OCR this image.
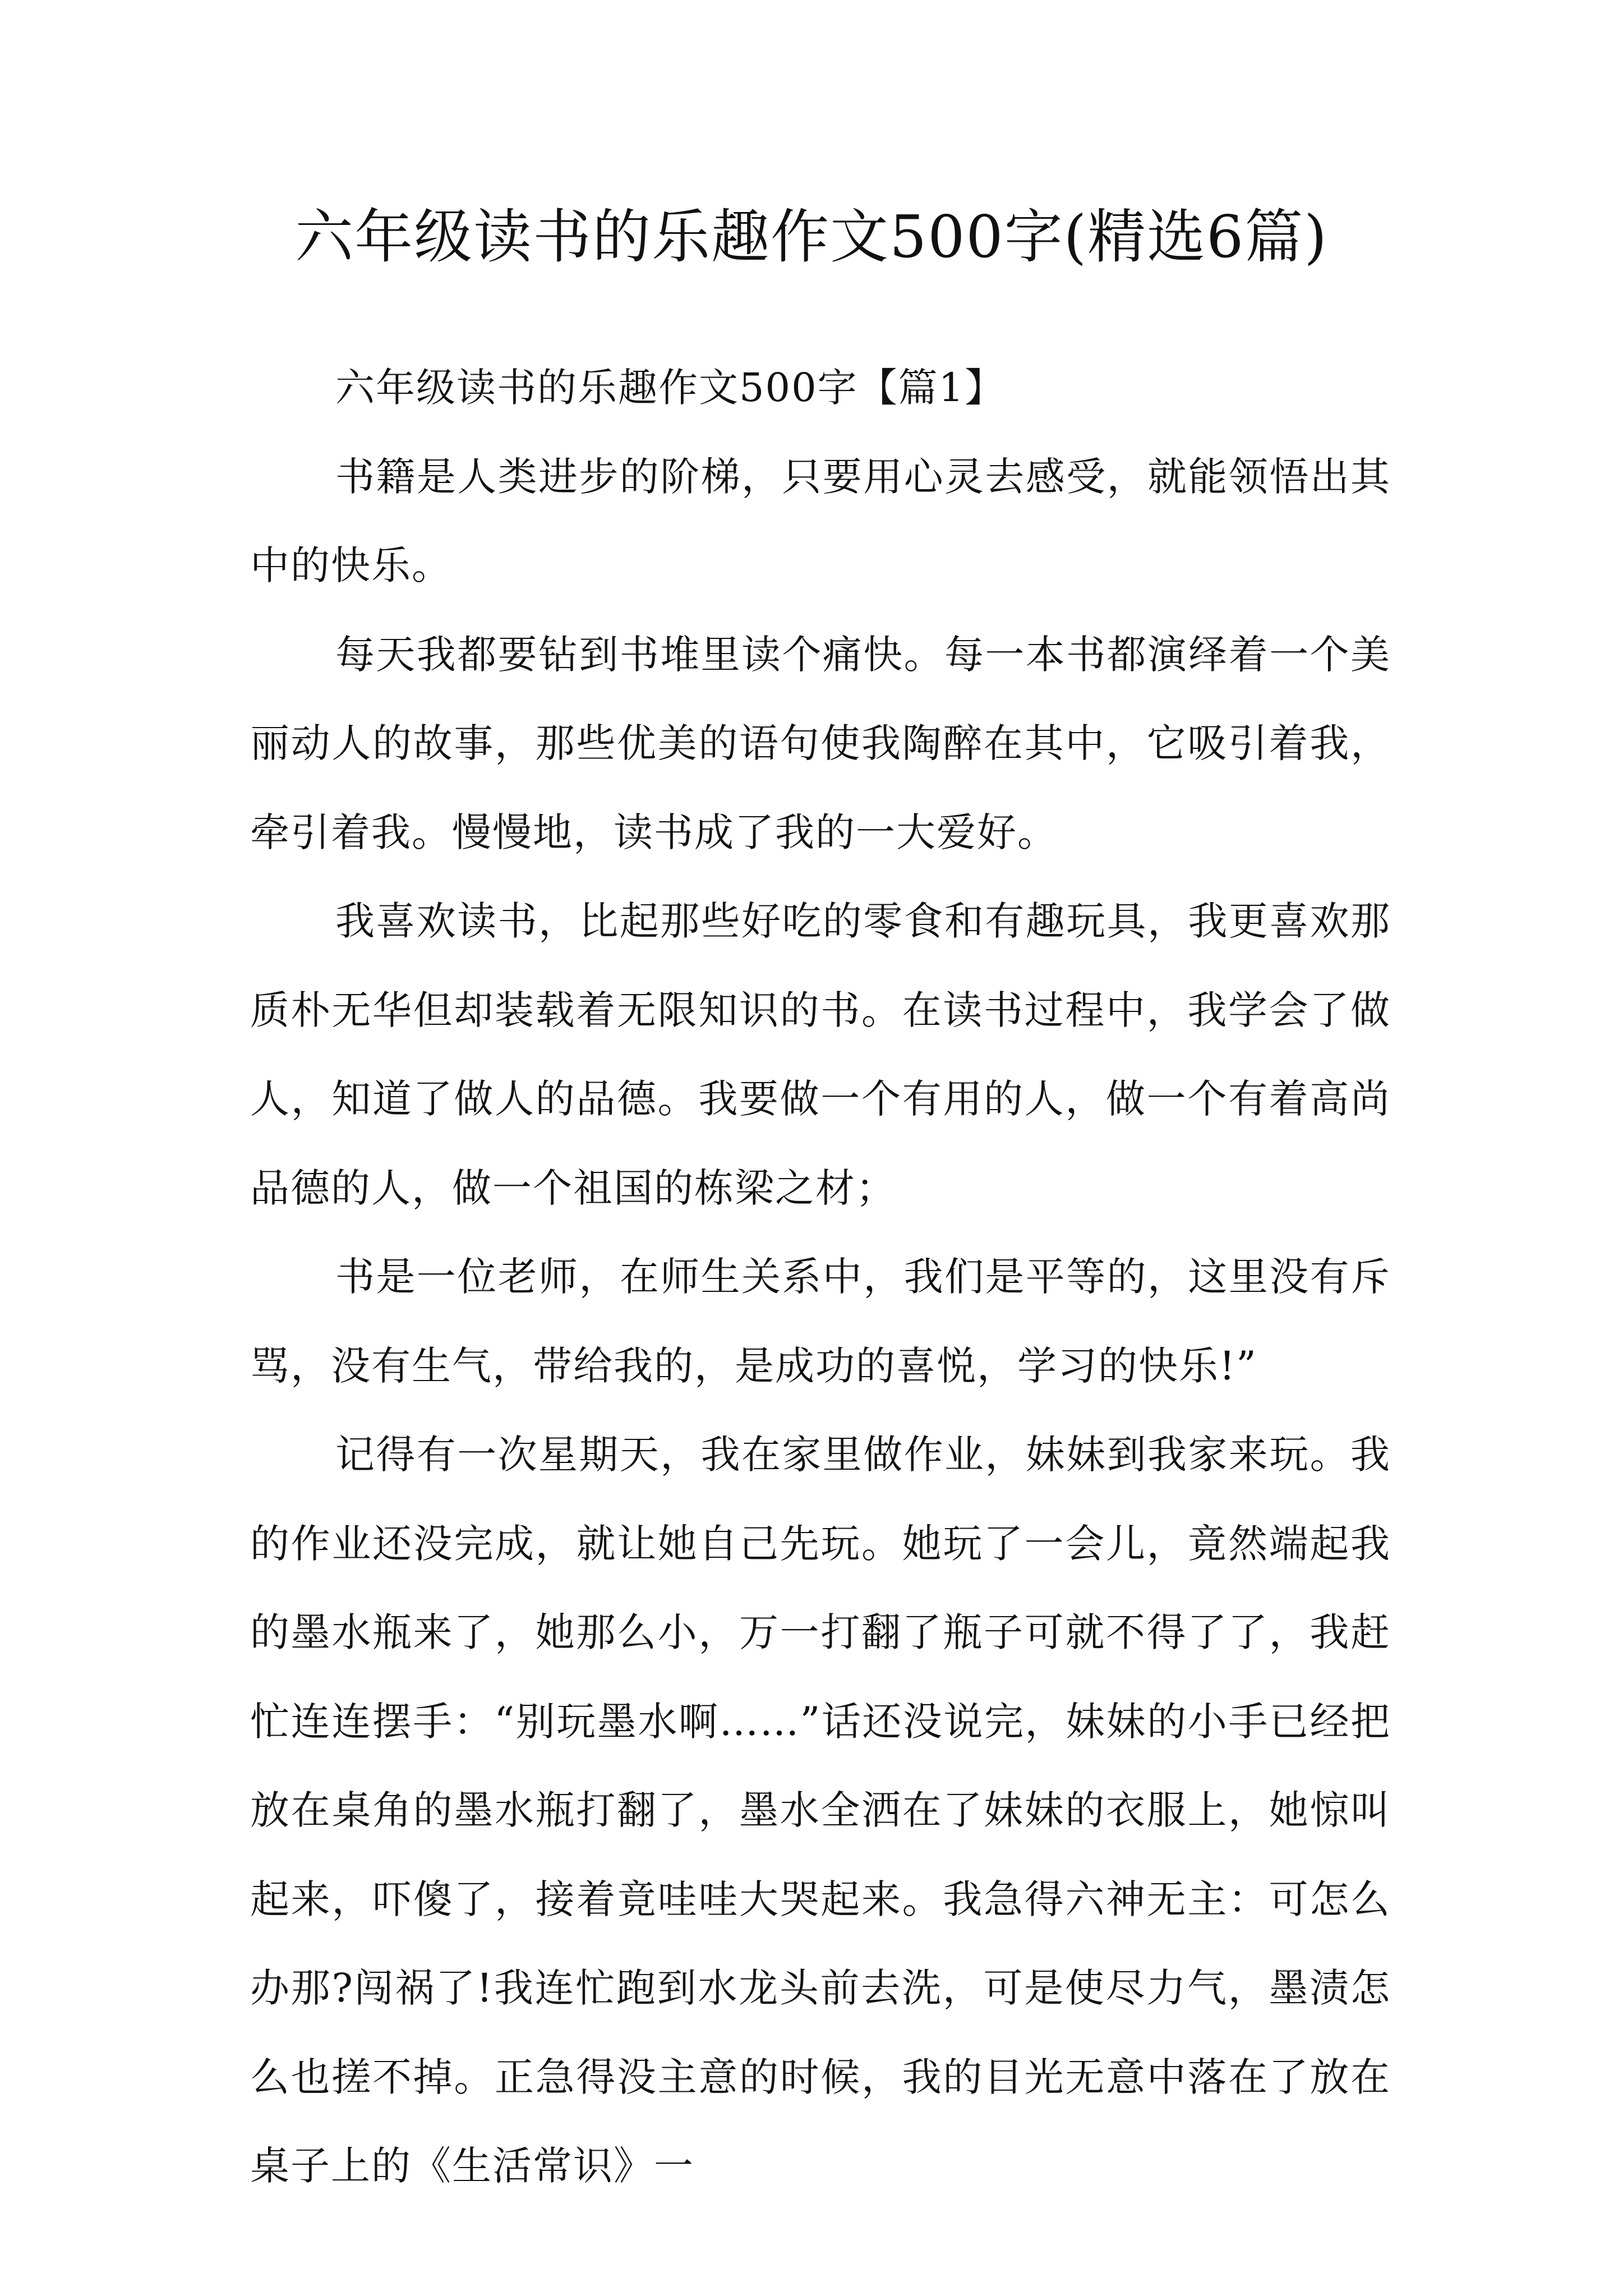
六年级读书的乐趣作文500字(精选6篇)

六年级读书的乐趣作文500字【篇1】

书籍是人类进步的阶梯，只要用心灵去感受，就能领悟出其中的快乐。

每天我都要钻到书堆里读个痛快。每一本书都演绎着一个美丽动人的故事，那些优美的语句使我陶醉在其中，它吸引着我，牵引着我。慢慢地，读书成了我的一大爱好。

我喜欢读书，比起那些好吃的零食和有趣玩具，我更喜欢那质朴无华但却装载着无限知识的书。在读书过程中，我学会了做人，知道了做人的品德。我要做一个有用的人，做一个有着高尚品德的人，做一个祖国的栋梁之材；

书是一位老师，在师生关系中，我们是平等的，这里没有斥骂，没有生气，带给我的，是成功的喜悦，学习的快乐!”

记得有一次星期天，我在家里做作业，妹妹到我家来玩。我的作业还没完成，就让她自己先玩。她玩了一会儿，竟然端起我的墨水瓶来了，她那么小，万一打翻了瓶子可就不得了了，我赶忙连连摆手：“别玩墨水啊……”话还没说完，妹妹的小手已经把放在桌角的墨水瓶打翻了，墨水全洒在了妹妹的衣服上，她惊叫起来，吓傻了，接着竟哇哇大哭起来。我急得六神无主：可怎么办那?闯祸了!我连忙跑到水龙头前去洗，可是使尽力气，墨渍怎么也搓不掉。正急得没主意的时候，我的目光无意中落在了放在桌子上的《生活常识》一
